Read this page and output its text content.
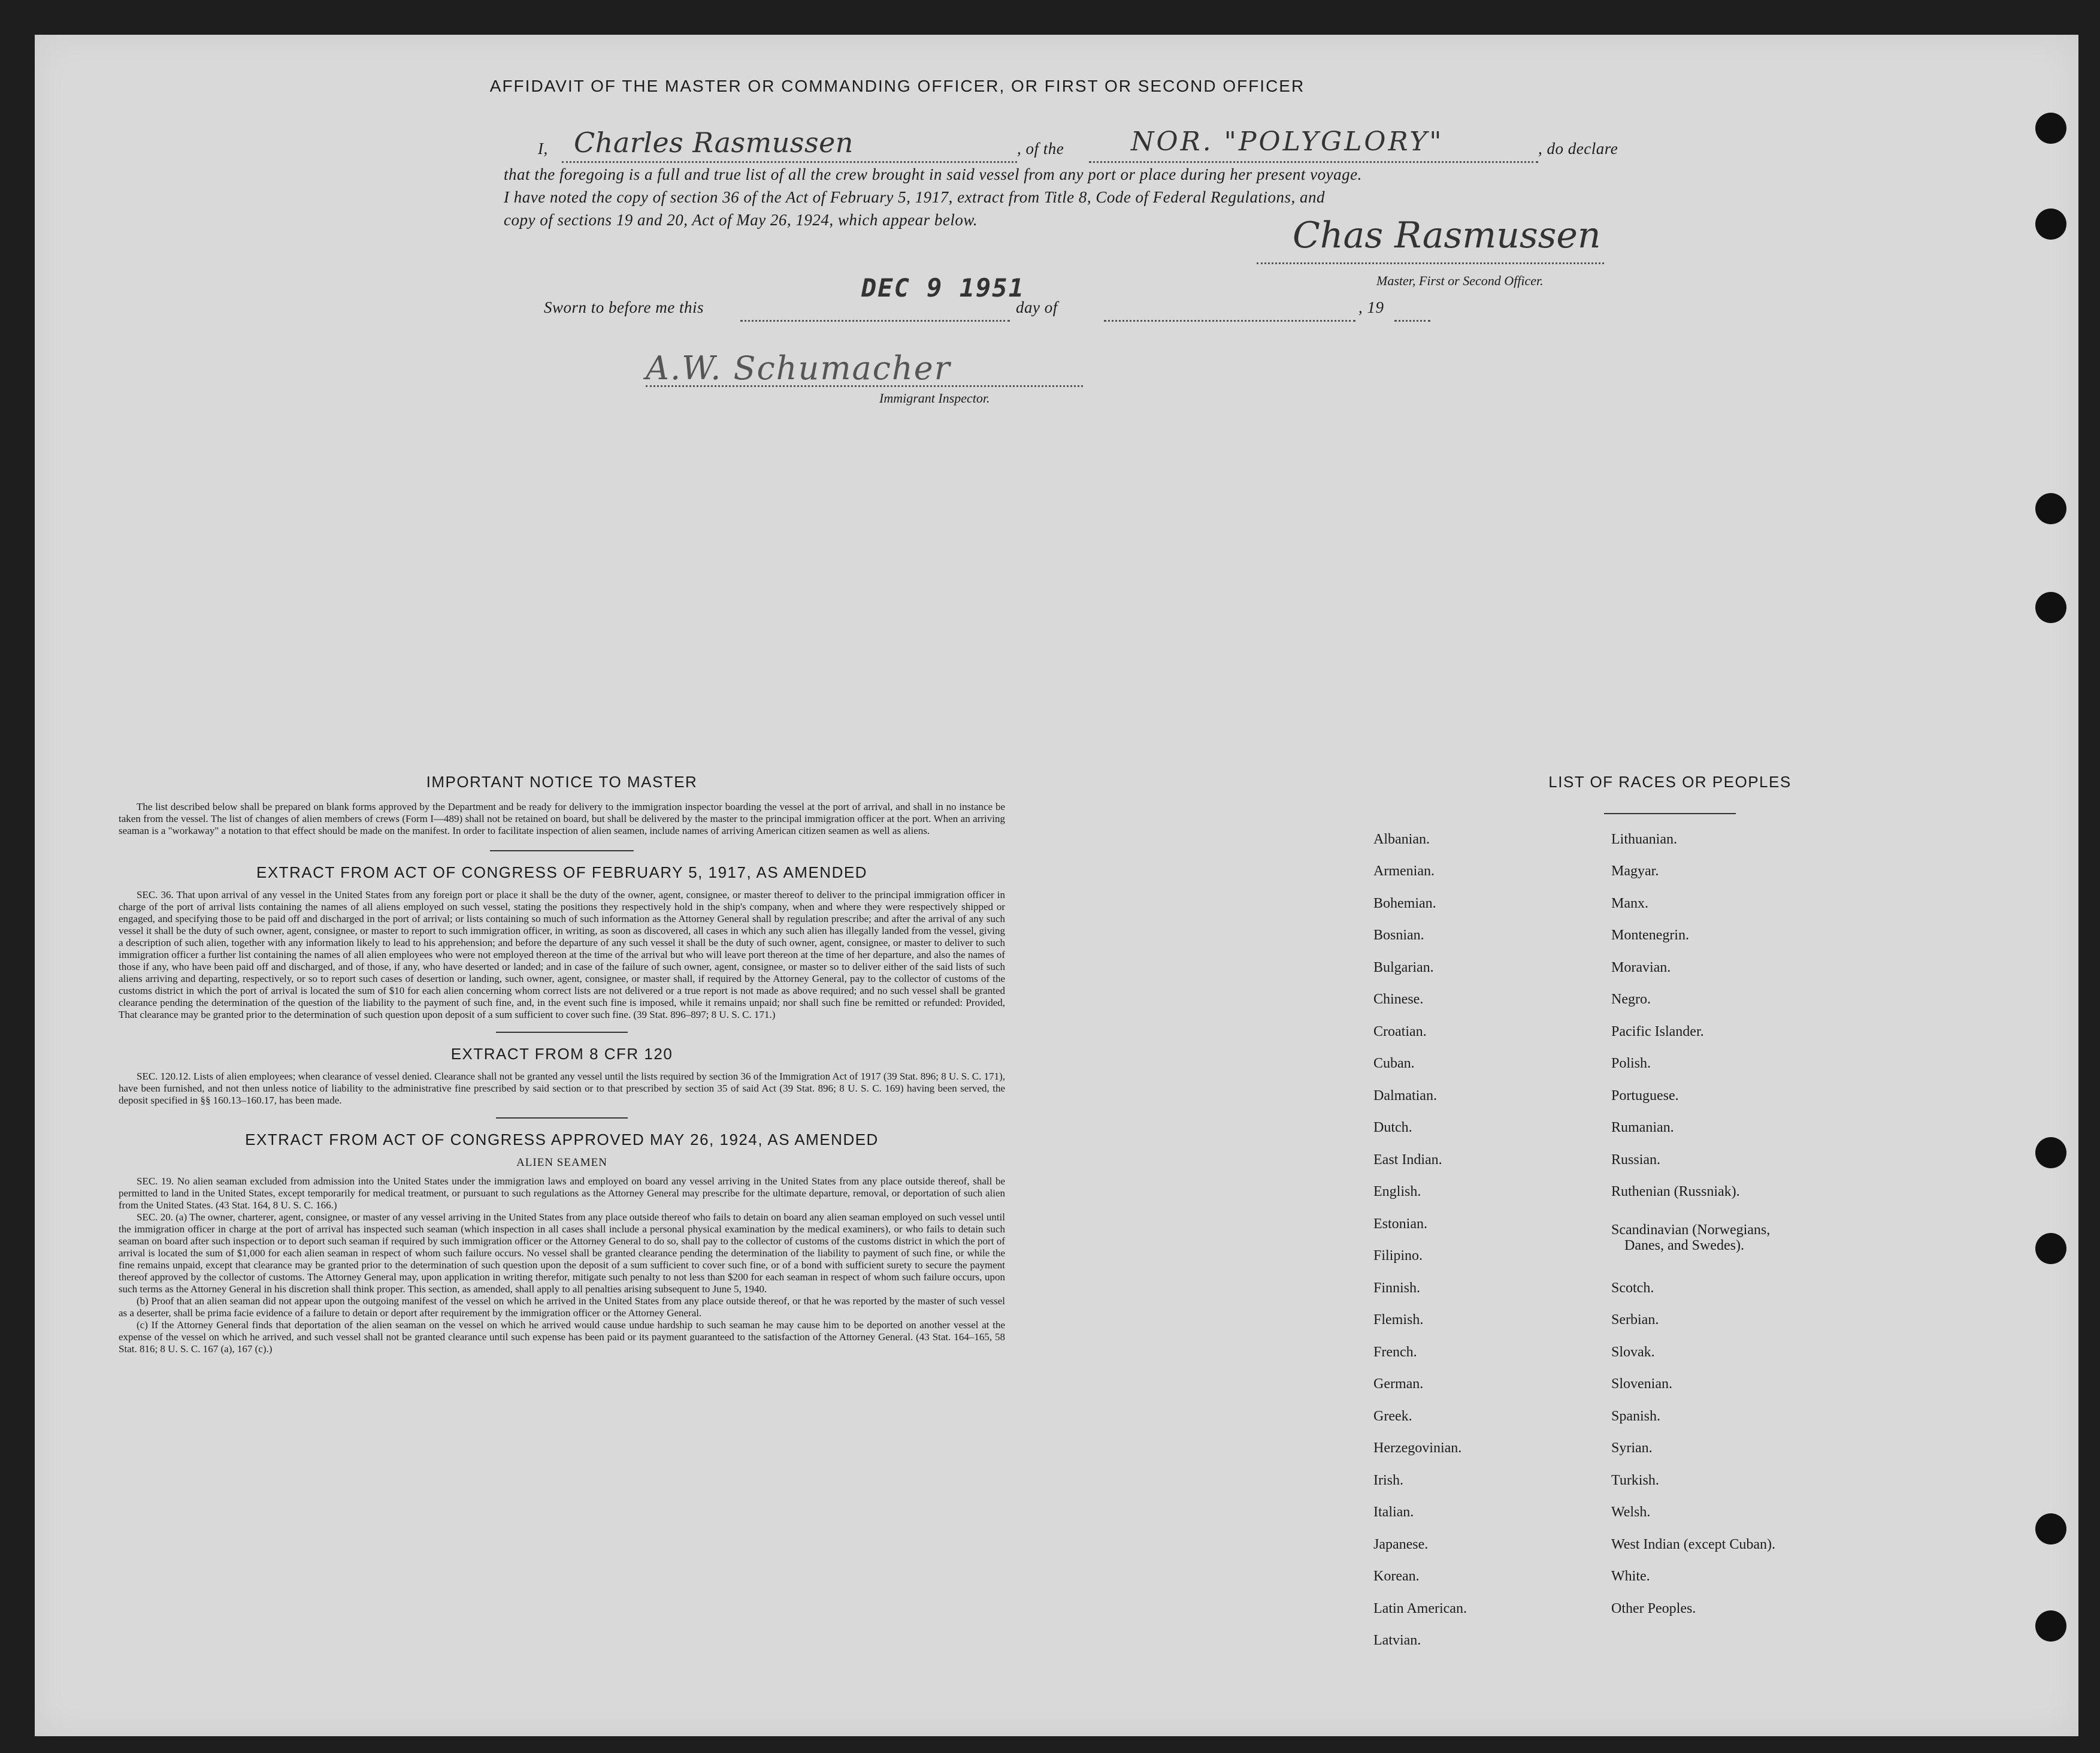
AFFIDAVIT OF THE MASTER OR COMMANDING OFFICER, OR FIRST OR SECOND OFFICER
I, Charles Rasmussen	, of the	NOR. "POLYGLORY"	, do declare
that the foregoing is a full and true list of all the crew brought in said vessel from any port or place during her present voyage.
I have noted the copy of section 36 of the Act of February 5, 1917, extract from Title 8, Code of Federal Regulations, and
copy of sections 19 and 20, Act of May 26, 1924, which appear below.	Chas Rasmussen
Master, First or Second Officer.
Sworn to before me this
DEC 9 1951
day of	, 19
A.W. Schumacher
Immigrant Inspector.
IMPORTANT NOTICE TO MASTER

The list described below shall be prepared on blank forms approved by the Department and be ready for delivery to the immigration inspector boarding the vessel at the port of arrival, and shall in no instance be taken from the vessel. The list of changes of alien members of crews (Form I—489) shall not be retained on board, but shall be delivered by the master to the principal immigration officer at the port. When an arriving seaman is a "workaway" a notation to that effect should be made on the manifest. In order to facilitate inspection of alien seamen, include names of arriving American citizen seamen as well as aliens.

EXTRACT FROM ACT OF CONGRESS OF FEBRUARY 5, 1917, AS AMENDED

SEC. 36. That upon arrival of any vessel in the United States from any foreign port or place it shall be the duty of the owner, agent, consignee, or master thereof to deliver to the principal immigration officer in charge of the port of arrival lists containing the names of all aliens employed on such vessel, stating the positions they respectively hold in the ship's company, when and where they were respectively shipped or engaged, and specifying those to be paid off and discharged in the port of arrival; or lists containing so much of such information as the Attorney General shall by regulation prescribe; and after the arrival of any such vessel it shall be the duty of such owner, agent, consignee, or master to report to such immigration officer, in writing, as soon as discovered, all cases in which any such alien has illegally landed from the vessel, giving a description of such alien, together with any information likely to lead to his apprehension; and before the departure of any such vessel it shall be the duty of such owner, agent, consignee, or master to deliver to such immigration officer a further list containing the names of all alien employees who were not employed thereon at the time of the arrival but who will leave port thereon at the time of her departure, and also the names of those if any, who have been paid off and discharged, and of those, if any, who have deserted or landed; and in case of the failure of such owner, agent, consignee, or master so to deliver either of the said lists of such aliens arriving and departing, respectively, or so to report such cases of desertion or landing, such owner, agent, consignee, or master shall, if required by the Attorney General, pay to the collector of customs of the customs district in which the port of arrival is located the sum of $10 for each alien concerning whom correct lists are not delivered or a true report is not made as above required; and no such vessel shall be granted clearance pending the determination of the question of the liability to the payment of such fine, and, in the event such fine is imposed, while it remains unpaid; nor shall such fine be remitted or refunded: Provided, That clearance may be granted prior to the determination of such question upon deposit of a sum sufficient to cover such fine. (39 Stat. 896–897; 8 U. S. C. 171.)

EXTRACT FROM 8 CFR 120

SEC. 120.12. Lists of alien employees; when clearance of vessel denied. Clearance shall not be granted any vessel until the lists required by section 36 of the Immigration Act of 1917 (39 Stat. 896; 8 U. S. C. 171), have been furnished, and not then unless notice of liability to the administrative fine prescribed by said section or to that prescribed by section 35 of said Act (39 Stat. 896; 8 U. S. C. 169) having been served, the deposit specified in §§ 160.13–160.17, has been made.

EXTRACT FROM ACT OF CONGRESS APPROVED MAY 26, 1924, AS AMENDED
ALIEN SEAMEN

SEC. 19. No alien seaman excluded from admission into the United States under the immigration laws and employed on board any vessel arriving in the United States from any place outside thereof, shall be permitted to land in the United States, except temporarily for medical treatment, or pursuant to such regulations as the Attorney General may prescribe for the ultimate departure, removal, or deportation of such alien from the United States. (43 Stat. 164, 8 U. S. C. 166.)

SEC. 20. (a) The owner, charterer, agent, consignee, or master of any vessel arriving in the United States from any place outside thereof who fails to detain on board any alien seaman employed on such vessel until the immigration officer in charge at the port of arrival has inspected such seaman (which inspection in all cases shall include a personal physical examination by the medical examiners), or who fails to detain such seaman on board after such inspection or to deport such seaman if required by such immigration officer or the Attorney General to do so, shall pay to the collector of customs of the customs district in which the port of arrival is located the sum of $1,000 for each alien seaman in respect of whom such failure occurs. No vessel shall be granted clearance pending the determination of the liability to payment of such fine, or while the fine remains unpaid, except that clearance may be granted prior to the determination of such question upon the deposit of a sum sufficient to cover such fine, or of a bond with sufficient surety to secure the payment thereof approved by the collector of customs. The Attorney General may, upon application in writing therefor, mitigate such penalty to not less than $200 for each seaman in respect of whom such failure occurs, upon such terms as the Attorney General in his discretion shall think proper. This section, as amended, shall apply to all penalties arising subsequent to June 5, 1940.

(b) Proof that an alien seaman did not appear upon the outgoing manifest of the vessel on which he arrived in the United States from any place outside thereof, or that he was reported by the master of such vessel as a deserter, shall be prima facie evidence of a failure to detain or deport after requirement by the immigration officer or the Attorney General.

(c) If the Attorney General finds that deportation of the alien seaman on the vessel on which he arrived would cause undue hardship to such seaman he may cause him to be deported on another vessel at the expense of the vessel on which he arrived, and such vessel shall not be granted clearance until such expense has been paid or its payment guaranteed to the satisfaction of the Attorney General. (43 Stat. 164–165, 58 Stat. 816; 8 U. S. C. 167 (a), 167 (c).)

LIST OF RACES OR PEOPLES
Albanian.
Armenian.
Bohemian.
Bosnian.
Bulgarian.
Chinese.
Croatian.
Cuban.
Dalmatian.
Dutch.
East Indian.
English.
Estonian.
Filipino.
Finnish.
Flemish.
French.
German.
Greek.
Herzegovinian.
Irish.
Italian.
Japanese.
Korean.
Latin American.
Latvian.
Lithuanian.
Magyar.
Manx.
Montenegrin.
Moravian.
Negro.
Pacific Islander.
Polish.
Portuguese.
Rumanian.
Russian.
Ruthenian (Russniak).
Scandinavian (Norwegians,
Danes, and Swedes).
Scotch.
Serbian.
Slovak.
Slovenian.
Spanish.
Syrian.
Turkish.
Welsh.
West Indian (except Cuban).
White.
Other Peoples.
